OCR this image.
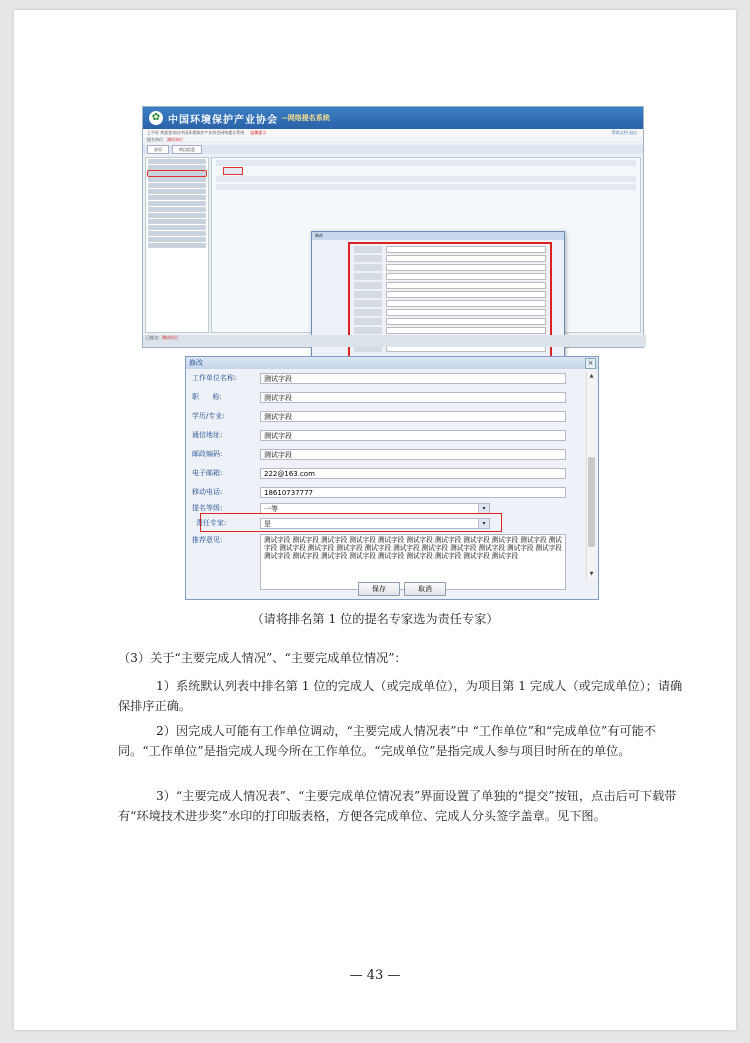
✿ 中国环境保护产业协会 --网络提名系统
上午好 欢迎您访问中国环境保护产业协会网络提名系统 温馨提示	帮助文档 退出
提名单位：测试单位
首页	项目信息
修改
已提交：测试项目
修改	×
工作单位名称:	测试字段
职      称:	测试字段
学历/专业:	测试字段
通信地址:	测试字段
邮政编码:	测试字段
电子邮箱:	222@163.com
移动电话:	18610737777
提名等级:	一等	▾
责任专家:	是	▾
推荐意见:	测试字段 测试字段 测试字段 测试字段 测试字段 测试字段 测试字段 测试字段 测试字段 测试字段 测试字段 测试字段 测试字段 测试字段 测试字段 测试字段 测试字段 测试字段 测试字段 测试字段 测试字段 测试字段 测试字段 测试字段 测试字段 测试字段 测试字段 测试字段 测试字段 测试字段
▲
▼
保存	取消
（请将排名第 1 位的提名专家选为责任专家）

（3）关于“主要完成人情况”、“主要完成单位情况”：

1）系统默认列表中排名第 1 位的完成人（或完成单位），为项目第 1 完成人（或完成单位）；请确保排序正确。

2）因完成人可能有工作单位调动，“主要完成人情况表”中 “工作单位”和“完成单位”有可能不同。“工作单位”是指完成人现今所在工作单位。“完成单位”是指完成人参与项目时所在的单位。

3）“主要完成人情况表”、“主要完成单位情况表”界面设置了单独的“提交”按钮，点击后可下载带有“环境技术进步奖”水印的打印版表格，方便各完成单位、完成人分头签字盖章。见下图。

— 43 —
